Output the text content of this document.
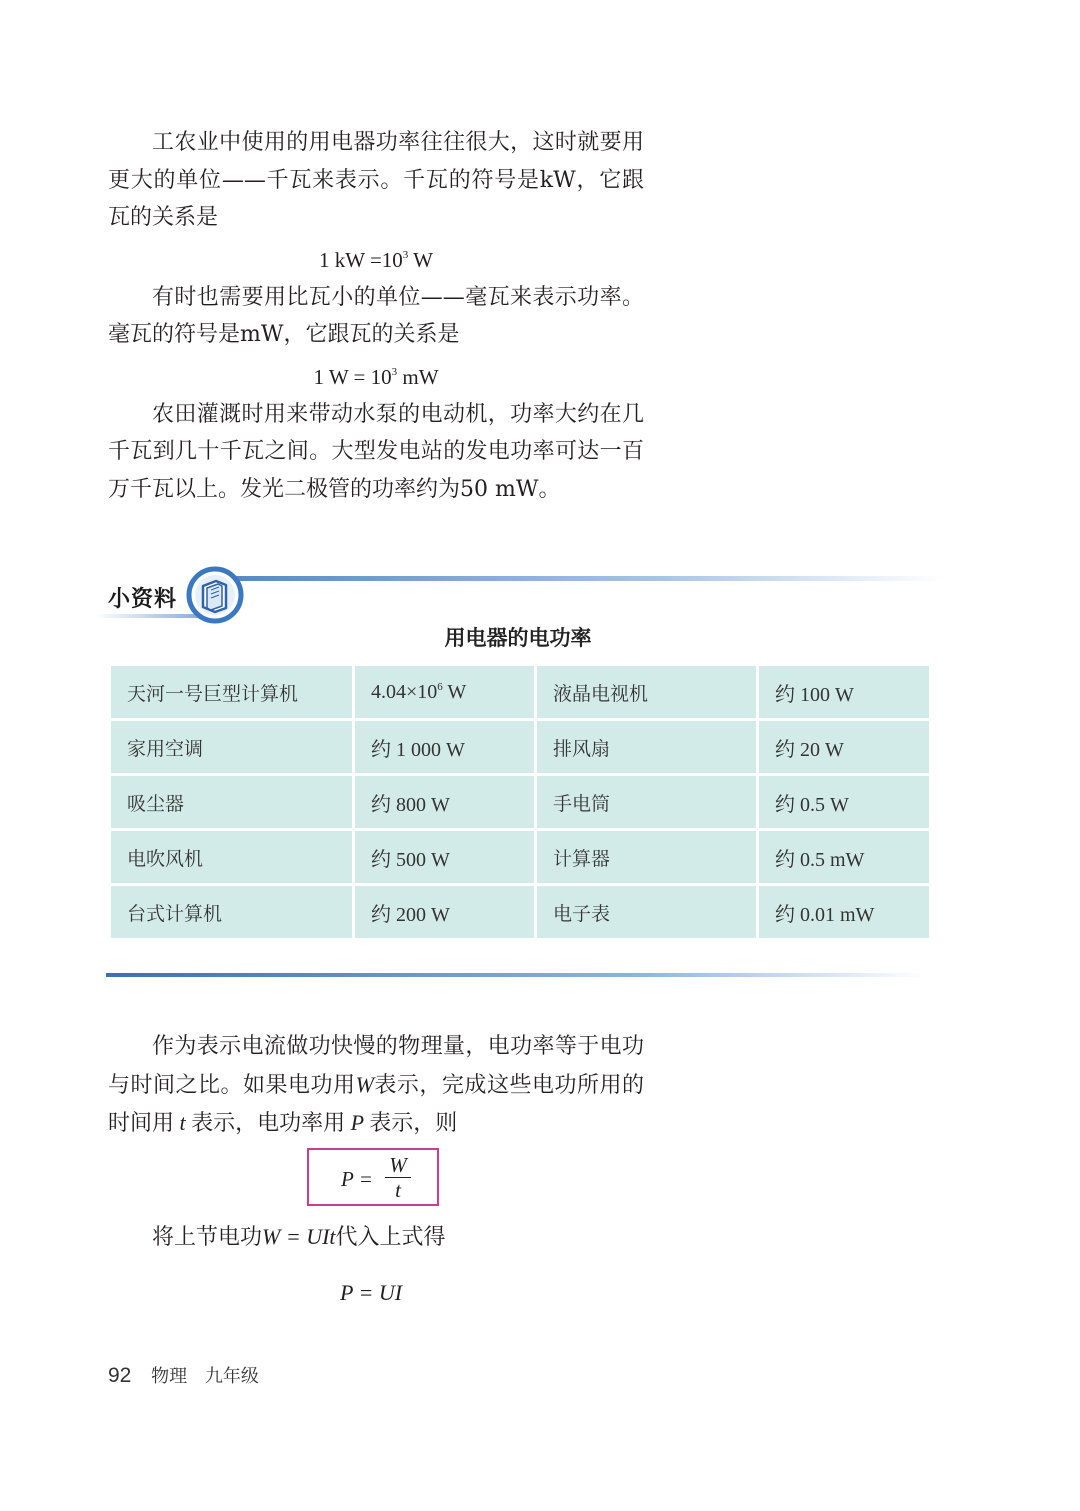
工农业中使用的用电器功率往往很大，这时就要用更大的单位——千瓦来表示。千瓦的符号是kW，它跟瓦的关系是

1 kW $=10^3$ W

有时也需要用比瓦小的单位——毫瓦来表示功率。毫瓦的符号是mW，它跟瓦的关系是

1 $W = 10^3$ mW

农田灌溉时用来带动水泵的电动机，功率大约在几千瓦到几十千瓦之间。大型发电站的发电功率可达一百万千瓦以上。发光二极管的功率约为50 mW。

小资料
用电器的电功率
天河一号巨型计算机	$4.04\times 10^6$ W	液晶电视机	约 100 W
家用空调	约 1 000 W	排风扇	约 20 W
吸尘器	约 800 W	手电筒	约 0.5 W
电吹风机	约 500 W	计算器	约 0.5 mW
台式计算机	约 200 W	电子表	约 0.01 mW

作为表示电流做功快慢的物理量，电功率等于电功与时间之比。如果电功用W表示，完成这些电功所用的时间用 t 表示，电功率用 P 表示，则

P =
W
t

将上节电功W = UIt代入上式得

P = UI
92 物理 九年级
